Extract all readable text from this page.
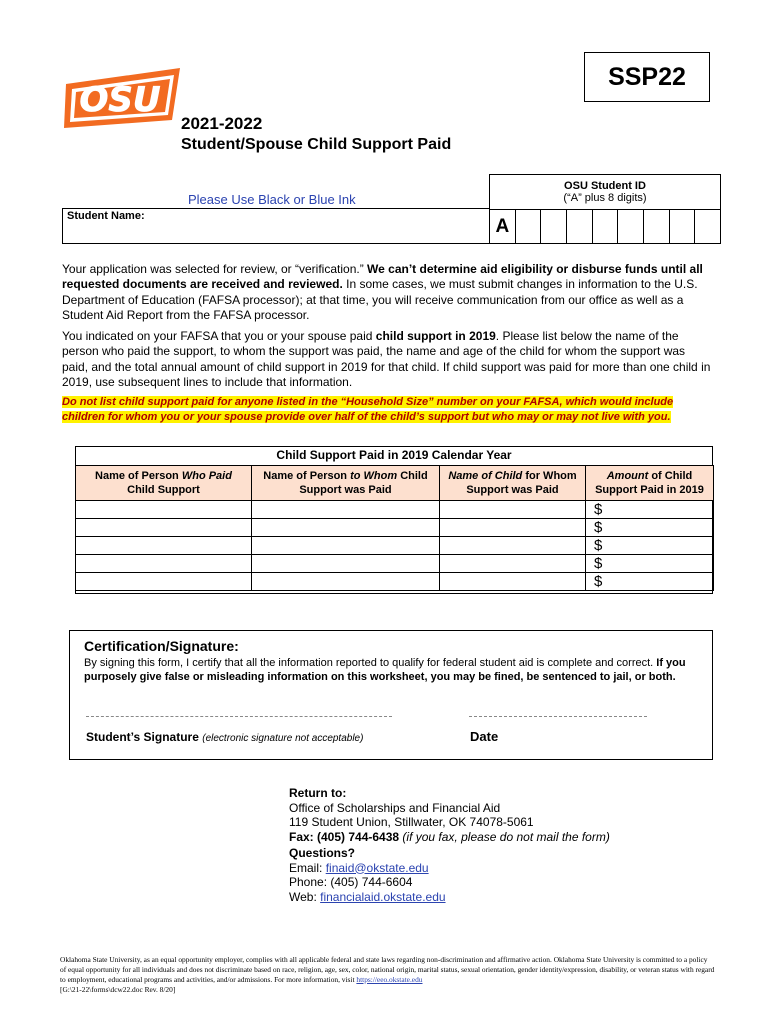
OSU
SSP22
2021-2022
Student/Spouse Child Support Paid
Please Use Black or Blue Ink
Student Name:
OSU Student ID
(“A” plus 8 digits)
A
Your application was selected for review, or “verification.” We can’t determine aid eligibility or disburse funds until all requested documents are received and reviewed. In some cases, we must submit changes in information to the U.S. Department of Education (FAFSA processor); at that time, you will receive communication from our office as well as a Student Aid Report from the FAFSA processor.
You indicated on your FAFSA that you or your spouse paid child support in 2019. Please list below the name of the person who paid the support, to whom the support was paid, the name and age of the child for whom the support was paid, and the total annual amount of child support in 2019 for that child. If child support was paid for more than one child in 2019, use subsequent lines to include that information.
Do not list child support paid for anyone listed in the “Household Size” number on your FAFSA, which would include children for whom you or your spouse provide over half of the child’s support but who may or may not live with you.
Child Support Paid in 2019 Calendar Year
Name of Person Who Paid
Child Support	Name of Person to Whom Child Support was Paid	Name of Child for Whom Support was Paid	Amount of Child Support Paid in 2019
			$
			$
			$
			$
			$
Certification/Signature:
By signing this form, I certify that all the information reported to qualify for federal student aid is complete and correct. If you purposely give false or misleading information on this worksheet, you may be fined, be sentenced to jail, or both.
Student’s Signature (electronic signature not acceptable)	Date
Return to:
Office of Scholarships and Financial Aid
119 Student Union, Stillwater, OK 74078-5061
Fax: (405) 744-6438 (if you fax, please do not mail the form)
Questions?
Email: finaid@okstate.edu
Phone: (405) 744-6604
Web: financialaid.okstate.edu
Oklahoma State University, as an equal opportunity employer, complies with all applicable federal and state laws regarding non-discrimination and affirmative action. Oklahoma State University is committed to a policy of equal opportunity for all individuals and does not discriminate based on race, religion, age, sex, color, national origin, marital status, sexual orientation, gender identity/expression, disability, or veteran status with regard to employment, educational programs and activities, and/or admissions. For more information, visit https://eeo.okstate.edu
[G:\21-22\forms\dcw22.doc Rev. 8/20]
